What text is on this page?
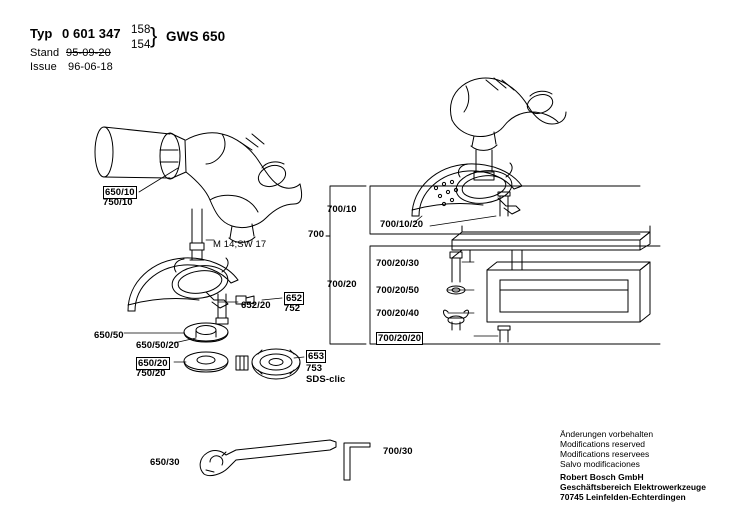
Typ 0 601 347 158
154 } GWS 650
Stand 95-09-20
Issue 96-06-18
650/10
750/10
M 14;SW 17
652/20
652
752
650/50
650/50/20
650/20
750/20
653
753
SDS-clic
650/30
700/30
700
700/10
700/10/20
700/20
700/20/30
700/20/50
700/20/40
700/20/20
Änderungen vorbehalten
Modifications reserved
Modifications reservees
Salvo modificaciones
Robert Bosch GmbH
Geschäftsbereich Elektrowerkzeuge
70745 Leinfelden-Echterdingen
